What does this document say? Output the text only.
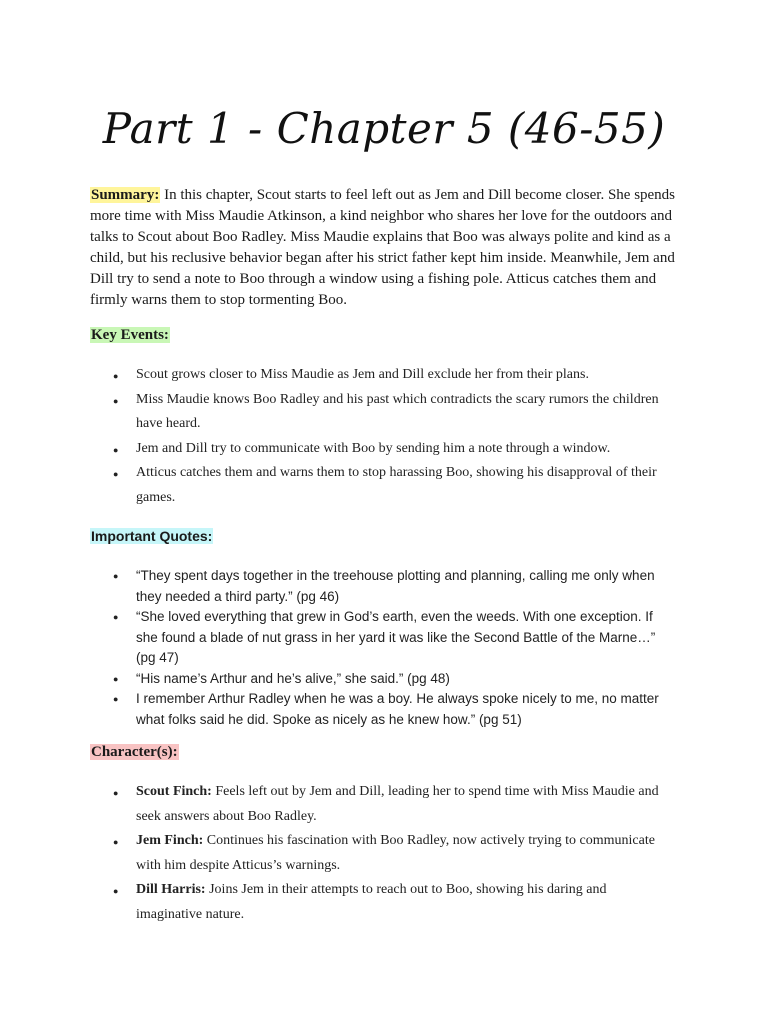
Part 1 - Chapter 5 (46-55)

Summary: In this chapter, Scout starts to feel left out as Jem and Dill become closer. She spends more time with Miss Maudie Atkinson, a kind neighbor who shares her love for the outdoors and talks to Scout about Boo Radley. Miss Maudie explains that Boo was always polite and kind as a child, but his reclusive behavior began after his strict father kept him inside. Meanwhile, Jem and Dill try to send a note to Boo through a window using a fishing pole. Atticus catches them and firmly warns them to stop tormenting Boo.

Key Events:

● Scout grows closer to Miss Maudie as Jem and Dill exclude her from their plans.
● Miss Maudie knows Boo Radley and his past which contradicts the scary rumors the children have heard.
● Jem and Dill try to communicate with Boo by sending him a note through a window.
● Atticus catches them and warns them to stop harassing Boo, showing his disapproval of their games.

Important Quotes:

● “They spent days together in the treehouse plotting and planning, calling me only when they needed a third party.” (pg 46)
● “She loved everything that grew in God’s earth, even the weeds. With one exception. If she found a blade of nut grass in her yard it was like the Second Battle of the Marne…” (pg 47)
● “His name’s Arthur and he’s alive,” she said.” (pg 48)
● I remember Arthur Radley when he was a boy. He always spoke nicely to me, no matter what folks said he did. Spoke as nicely as he knew how.” (pg 51)

Character(s):

● Scout Finch: Feels left out by Jem and Dill, leading her to spend time with Miss Maudie and seek answers about Boo Radley.
● Jem Finch: Continues his fascination with Boo Radley, now actively trying to communicate with him despite Atticus’s warnings.
● Dill Harris: Joins Jem in their attempts to reach out to Boo, showing his daring and imaginative nature.
